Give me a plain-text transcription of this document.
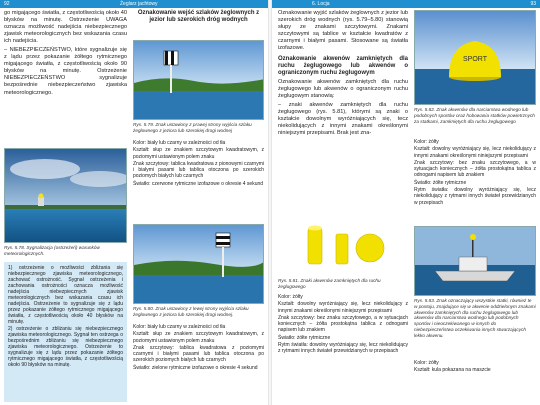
92	Żeglarz jachtowy	6. Locja	93

go migającego światła, z częstotliwością około 40 błysków na minutę. Ostrzeżenie UWAGA oznacza możliwość nadejścia niebezpiecznego zjawisk meteorologicznych bez wskazania czasu ich nadejścia.

– NIEBEZPIECZEŃSTWO, które sygnalizuje się z lądu przez pokazanie żółtego rytmicznego migającego światła, z częstotliwością około 90 błysków na minutę. Ostrzeżenie NIEBEZPIECZEŃSTWO sygnalizuje bezpośrednie niebezpieczeństwo zjawiska meteorologicznego.

Rys. 5.78. Sygnalizacja (ostrzeżeń) warunków meteorologicznych.

1) ostrzeżenie o możliwości zbliżania się niebezpiecznego zjawiska meteorologicznego, zachować ostrożność. Sygnał ostrzeżenia i zachowania ostrożności oznacza możliwość nadejścia niebezpiecznych zjawisk meteorologicznych bez wskazania czasu ich nadejścia. Ostrzeżenie to sygnalizuje się z lądu przez pokazanie żółtego rytmicznego migającego światła, z częstotliwością około 40 błysków na minutę.

2) ostrzeżenie o zbliżaniu się niebezpiecznego zjawiska meteorologicznego. Sygnał ten ostrzega o bezpośrednim zbliżaniu się niebezpiecznego zjawiska meteorologicznego. Ostrzeżenie to sygnalizuje się z lądu przez pokazanie żółtego rytmicznego migającego światła, z częstotliwością około 90 błysków na minutę.

Oznakowanie wejść szlaków żeglownych z jezior lub szerokich dróg wodnych
Rys. 5.79. Znak ustawiony z prawej strony wyjścia szlaku żeglownego z jeziora lub szerokiej drogi wodnej

Kolor: biały lub czarny w zależności od tła

Kształt: słup ze znakiem szczytowym kwadratowym, z poziomymi ustawionym polem znaku

Znak szczytowy: tablica kwadratowa z pionowymi czarnymi i białymi pasami lub tablica otoczona po szerokich poziomych białych lub czarnych

Światło: czerwone rytmiczne izofazowe o okresie 4 sekund

Rys. 5.80. Znak ustawiony z lewej strony wyjścia szlaku żeglownego z jeziora lub szerokiej drogi wodnej.

Kolor: biały lub czarny w zależności od tła

Kształt: słup ze znakiem szczytowym kwadratowym, z poziomymi ustawionym polem znaku

Znak szczytowy: tablica kwadratowa z poziomymi czarnymi i białymi pasami lub tablica otoczona po szerokich poziomych białych lub czarnych

Światło: zielone rytmiczne izofazowe o okresie 4 sekund

Oznakowanie wyjść szlaków żeglownych z jezior lub szerokich dróg wodnych (rys. 5.79–5.80) stanowią słupy ze znakami szczytowymi. Znakami szczytowymi są tablice w kształcie kwadratów z czarnymi i białymi pasami. Stosowane są światła izofazowe.

Oznakowanie akwenów zamkniętych dla ruchu żeglugowego lub akwenów o ograniczonym ruchu żeglugowym

Oznakowanie akwenów zamkniętych dla ruchu żeglugowego lub akwenów o ograniczonym ruchu żeglugowym stanowią:

– znaki akwenów zamkniętych dla ruchu żeglugowego (rys. 5.81), którymi są znaki o kształcie dowolnym wyróżniających się, tecz niekolidujących z innymi znakami określonymi niniejszymi przepisami. Brak jest zna-

Rys. 5.81. Znaki akwenów zamkniętych dla ruchu żeglugowego

Kolor: żółty

Kształt: dowolny wyróżniający się, lecz niekolidujący z innymi znakami określonymi niniejszymi przepisami

Znak szczytowy: bez znaku szczytowego, a w sytuacjach koniecznych – żółta prostokątna tablica z odnogami napisem lub znakiem

Światło: żółte rytmiczne

Rytm światła: dowolny wyróżniający się, lecz niekolidujący z rytmami innych świateł przewidzianych w przepisach

SPORT
Rys. 5.82. Znak akwenów dla narciarstwa wodnego lub podobnych sportów oraz hobowania statków powietrznych za statkami, zamkniętych dla ruchu żeglugowego

Kolor: żółty

Kształt: dowolny wyróżniający się, lecz niekolidujący z innymi znakami określonymi niniejszymi przepisami

Znak szczytowy: bez znaku szczytowego, a w sytuacjach koniecznych – żółta prostokątna tablica z odnogami napisem lub znakiem

Światło: żółte rytmiczne

Rytm światła: dowolny wyróżniający się, lecz niekolidujący z rytmami innych świateł przewidzianych w przepisach

Rys. 5.83. Znak oznaczający wszystkie statki, również te w postoju, znajdujące się w akwenie oddzielonym znakami akwenów zamkniętych dla ruchu żeglugowego lub akwenów dla narciarstwa wodnego lub podobnych sportów i nieoczekiwanego w innych do niebezpieczeństwa oczekiwania innych stwarzających lekko akwenu.

Kolor: żółty

Kształt: kula pokazana na maszcie
